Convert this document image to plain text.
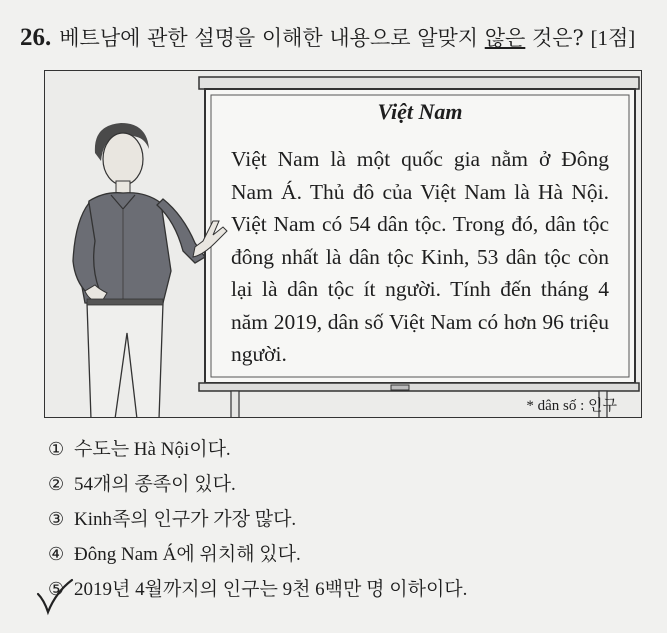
26. 베트남에 관한 설명을 이해한 내용으로 알맞지 않은 것은? [1점]
Việt Nam
Việt Nam là một quốc gia nằm ở Đông Nam Á. Thủ đô của Việt Nam là Hà Nội. Việt Nam có 54 dân tộc. Trong đó, dân tộc đông nhất là dân tộc Kinh, 53 dân tộc còn lại là dân tộc ít người. Tính đến tháng 4 năm 2019, dân số Việt Nam có hơn 96 triệu người.
* dân số : 인구
① 수도는 Hà Nội이다.
② 54개의 종족이 있다.
③ Kinh족의 인구가 가장 많다.
④ Đông Nam Á에 위치해 있다.
⑤ 2019년 4월까지의 인구는 9천 6백만 명 이하이다.
